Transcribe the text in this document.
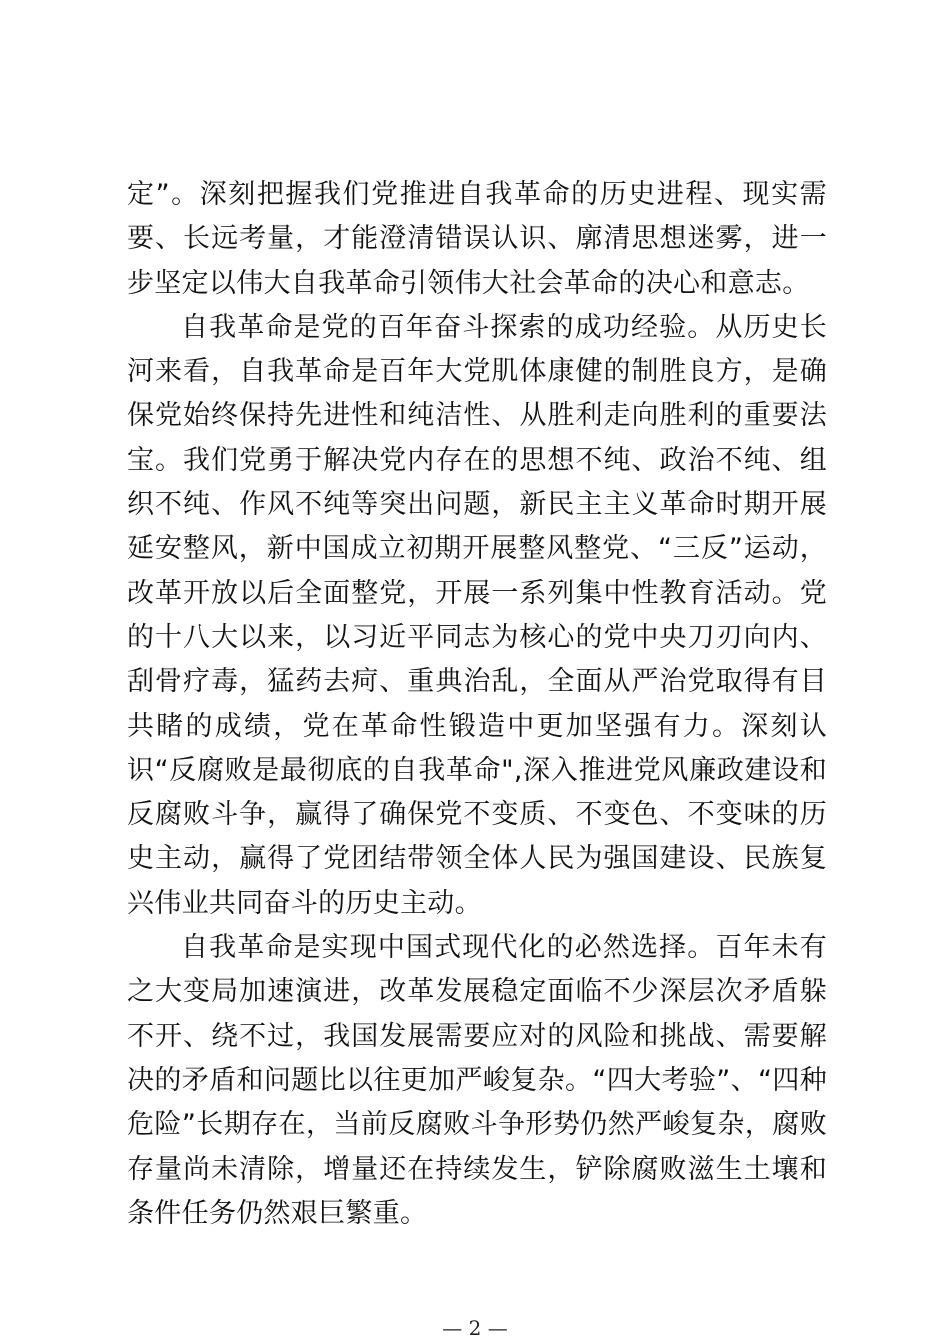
定”。深刻把握我们党推进自我革命的历史进程、现实需要、长远考量，才能澄清错误认识、廓清思想迷雾，进一步坚定以伟大自我革命引领伟大社会革命的决心和意志。

自我革命是党的百年奋斗探索的成功经验。从历史长河来看，自我革命是百年大党肌体康健的制胜良方，是确保党始终保持先进性和纯洁性、从胜利走向胜利的重要法宝。我们党勇于解决党内存在的思想不纯、政治不纯、组织不纯、作风不纯等突出问题，新民主主义革命时期开展延安整风，新中国成立初期开展整风整党、“三反”运动，改革开放以后全面整党，开展一系列集中性教育活动。党的十八大以来，以习近平同志为核心的党中央刀刃向内、刮骨疗毒，猛药去疴、重典治乱，全面从严治党取得有目共睹的成绩，党在革命性锻造中更加坚强有力。深刻认识“反腐败是最彻底的自我革命",深入推进党风廉政建设和反腐败斗争，赢得了确保党不变质、不变色、不变味的历史主动，赢得了党团结带领全体人民为强国建设、民族复兴伟业共同奋斗的历史主动。

自我革命是实现中国式现代化的必然选择。百年未有之大变局加速演进，改革发展稳定面临不少深层次矛盾躲不开、绕不过，我国发展需要应对的风险和挑战、需要解决的矛盾和问题比以往更加严峻复杂。“四大考验”、“四种危险”长期存在，当前反腐败斗争形势仍然严峻复杂，腐败存量尚未清除，增量还在持续发生，铲除腐败滋生土壤和条件任务仍然艰巨繁重。

— 2 —
